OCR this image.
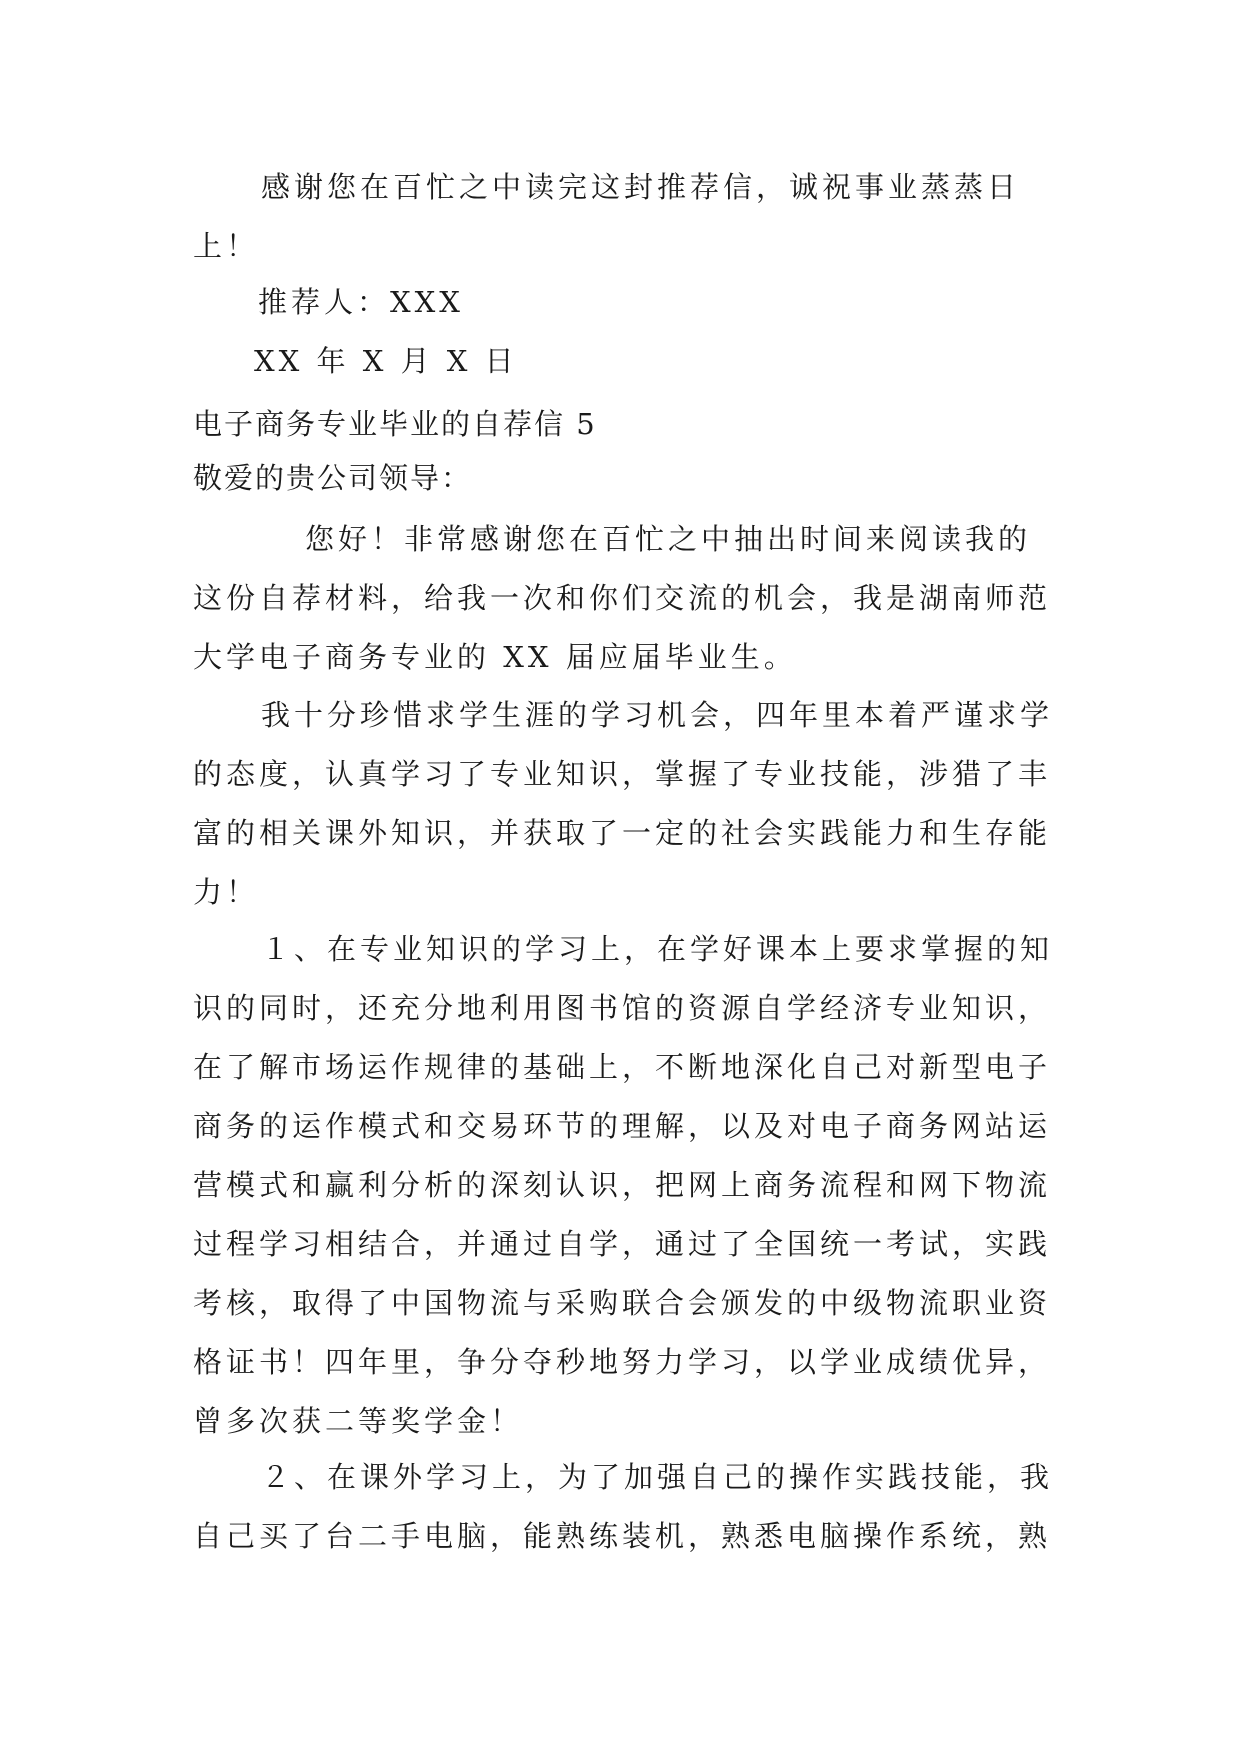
感谢您在百忙之中读完这封推荐信，诚祝事业蒸蒸日上！

推荐人：XXX
XX 年 X 月 X 日
电子商务专业毕业的自荐信 5
敬爱的贵公司领导：

您好！非常感谢您在百忙之中抽出时间来阅读我的这份自荐材料，给我一次和你们交流的机会，我是湖南师范大学电子商务专业的 XX 届应届毕业生。

我十分珍惜求学生涯的学习机会，四年里本着严谨求学的态度，认真学习了专业知识，掌握了专业技能，涉猎了丰富的相关课外知识，并获取了一定的社会实践能力和生存能力！

１、在专业知识的学习上，在学好课本上要求掌握的知识的同时，还充分地利用图书馆的资源自学经济专业知识，在了解市场运作规律的基础上，不断地深化自己对新型电子商务的运作模式和交易环节的理解，以及对电子商务网站运营模式和赢利分析的深刻认识，把网上商务流程和网下物流过程学习相结合，并通过自学，通过了全国统一考试，实践考核，取得了中国物流与采购联合会颁发的中级物流职业资格证书！四年里，争分夺秒地努力学习，以学业成绩优异，曾多次获二等奖学金！

２、在课外学习上，为了加强自己的操作实践技能，我自己买了台二手电脑，能熟练装机，熟悉电脑操作系统，熟
